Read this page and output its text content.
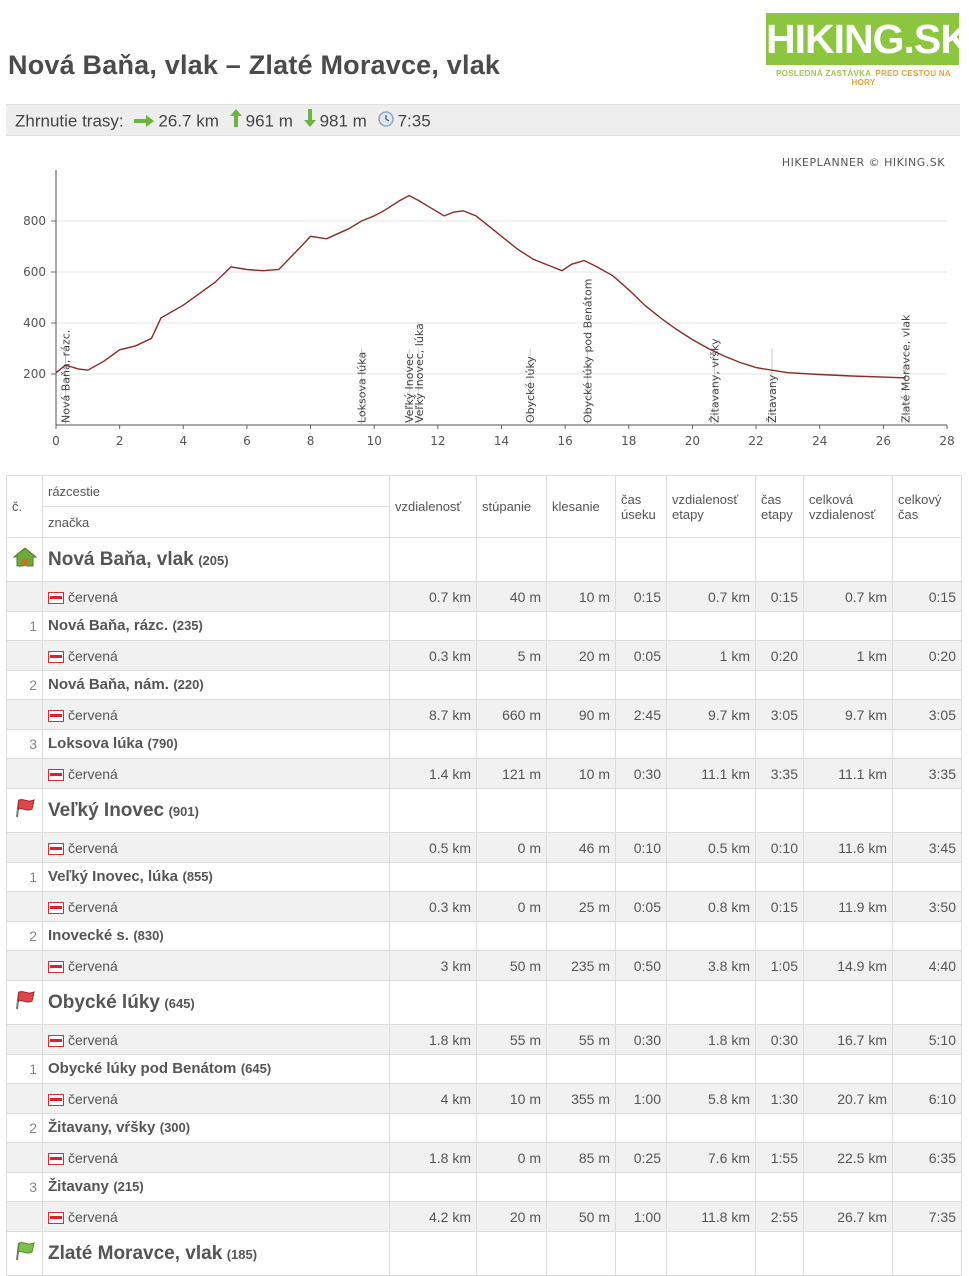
Nová Baňa, vlak – Zlaté Moravce, vlak
HIKING.SK
POSLEDNÁ ZASTÁVKA PRED CESTOU NA HORY
Zhrnutie trasy: 26.7 km 961 m 981 m 7:35
200
400
600
800
0	2	4	6	8	10	12	14	16	18	20	22	24	26	28
Nová Baňa, rázc.	Loksova lúka	Veľký Inovec
Veľký Inovec, lúka	Obycké lúky	Obycké lúky pod Benátom	Žitavany, vŕšky	Žitavany	Zlaté Moravce, vlak
HIKEPLANNER © HIKING.SK
č.	rázcestie	vzdialenosť	stúpanie	klesanie	čas úseku	vzdialenosť etapy	čas etapy	celková vzdialenosť	celkový čas
	značka								
	Nová Baňa, vlak (205)								
	červená	0.7 km	40 m	10 m	0:15	0.7 km	0:15	0.7 km	0:15
1	Nová Baňa, rázc. (235)								
	červená	0.3 km	5 m	20 m	0:05	1 km	0:20	1 km	0:20
2	Nová Baňa, nám. (220)								
	červená	8.7 km	660 m	90 m	2:45	9.7 km	3:05	9.7 km	3:05
3	Loksova lúka (790)								
	červená	1.4 km	121 m	10 m	0:30	11.1 km	3:35	11.1 km	3:35
	Veľký Inovec (901)								
	červená	0.5 km	0 m	46 m	0:10	0.5 km	0:10	11.6 km	3:45
1	Veľký Inovec, lúka (855)								
	červená	0.3 km	0 m	25 m	0:05	0.8 km	0:15	11.9 km	3:50
2	Inovecké s. (830)								
	červená	3 km	50 m	235 m	0:50	3.8 km	1:05	14.9 km	4:40
	Obycké lúky (645)								
	červená	1.8 km	55 m	55 m	0:30	1.8 km	0:30	16.7 km	5:10
1	Obycké lúky pod Benátom (645)								
	červená	4 km	10 m	355 m	1:00	5.8 km	1:30	20.7 km	6:10
2	Žitavany, vŕšky (300)								
	červená	1.8 km	0 m	85 m	0:25	7.6 km	1:55	22.5 km	6:35
3	Žitavany (215)								
	červená	4.2 km	20 m	50 m	1:00	11.8 km	2:55	26.7 km	7:35
	Zlaté Moravce, vlak (185)								
